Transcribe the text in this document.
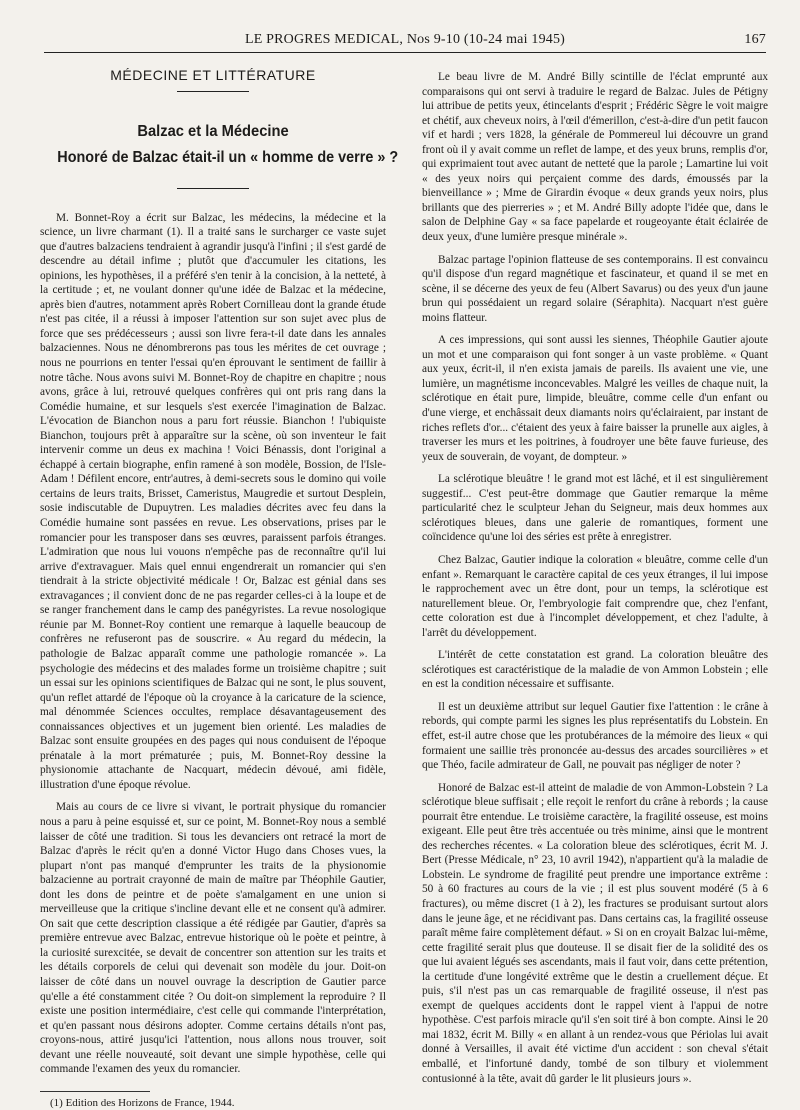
LE PROGRES MEDICAL, Nos 9-10 (10-24 mai 1945)	167
MÉDECINE ET LITTÉRATURE
Balzac et la Médecine
Honoré de Balzac était-il un « homme de verre » ?

M. Bonnet-Roy a écrit sur Balzac, les médecins, la médecine et la science, un livre charmant (1). Il a traité sans le surcharger ce vaste sujet que d'autres balzaciens tendraient à agrandir jusqu'à l'infini ; il s'est gardé de descendre au détail infime ; plutôt que d'accumuler les citations, les opinions, les hypothèses, il a préféré s'en tenir à la concision, à la netteté, à la certitude ; et, ne voulant donner qu'une idée de Balzac et la médecine, après bien d'autres, notamment après Robert Cornilleau dont la grande étude n'est pas citée, il a réussi à imposer l'attention sur son sujet avec plus de force que ses prédécesseurs ; aussi son livre fera-t-il date dans les annales balzaciennes. Nous ne dénombrerons pas tous les mérites de cet ouvrage ; nous ne pourrions en tenter l'essai qu'en éprouvant le sentiment de faillir à notre tâche. Nous avons suivi M. Bonnet-Roy de chapitre en chapitre ; nous avons, grâce à lui, retrouvé quelques confrères qui ont pris rang dans la Comédie humaine, et sur lesquels s'est exercée l'imagination de Balzac. L'évocation de Bianchon nous a paru fort réussie. Bianchon ! l'ubiquiste Bianchon, toujours prêt à apparaître sur la scène, où son inventeur le fait intervenir comme un deus ex machina ! Voici Bénassis, dont l'original a échappé à certain biographe, enfin ramené à son modèle, Bossion, de l'Isle-Adam ! Défilent encore, entr'autres, à demi-secrets sous le domino qui voile certains de leurs traits, Brisset, Cameristus, Maugredie et surtout Desplein, sosie indiscutable de Dupuytren. Les maladies décrites avec feu dans la Comédie humaine sont passées en revue. Les observations, prises par le romancier pour les transposer dans ses œuvres, paraissent parfois étranges. L'admiration que nous lui vouons n'empêche pas de reconnaître qu'il lui arrive d'extravaguer. Mais quel ennui engendrerait un romancier qui s'en tiendrait à la stricte objectivité médicale ! Or, Balzac est génial dans ses extravagances ; il convient donc de ne pas regarder celles-ci à la loupe et de se ranger franchement dans le camp des panégyristes. La revue nosologique réunie par M. Bonnet-Roy contient une remarque à laquelle beaucoup de confrères ne refuseront pas de souscrire. « Au regard du médecin, la pathologie de Balzac apparaît comme une pathologie romancée ». La psychologie des médecins et des malades forme un troisième chapitre ; suit un essai sur les opinions scientifiques de Balzac qui ne sont, le plus souvent, qu'un reflet attardé de l'époque où la croyance à la caricature de la science, mal dénommée Sciences occultes, remplace désavantageusement des connaissances objectives et un jugement bien orienté. Les maladies de Balzac sont ensuite groupées en des pages qui nous conduisent de l'époque prénatale à la mort prématurée ; puis, M. Bonnet-Roy dessine la physionomie attachante de Nacquart, médecin dévoué, ami fidèle, illustration d'une époque révolue.

Mais au cours de ce livre si vivant, le portrait physique du romancier nous a paru à peine esquissé et, sur ce point, M. Bonnet-Roy nous a semblé laisser de côté une tradition. Si tous les devanciers ont retracé la mort de Balzac d'après le récit qu'en a donné Victor Hugo dans Choses vues, la plupart n'ont pas manqué d'emprunter les traits de la physionomie balzacienne au portrait crayonné de main de maître par Théophile Gautier, dont les dons de peintre et de poète s'amalgament en une union si merveilleuse que la critique s'incline devant elle et ne consent qu'à admirer. On sait que cette description classique a été rédigée par Gautier, d'après sa première entrevue avec Balzac, entrevue historique où le poète et peintre, à la curiosité surexcitée, se devait de concentrer son attention sur les traits et les détails corporels de celui qui devenait son modèle du jour. Doit-on laisser de côté dans un nouvel ouvrage la description de Gautier parce qu'elle a été constamment citée ? Ou doit-on simplement la reproduire ? Il existe une position intermédiaire, c'est celle qui commande l'interprétation, et qu'en passant nous désirons adopter. Comme certains détails n'ont pas, croyons-nous, attiré jusqu'ici l'attention, nous allons nous trouver, soit devant une réelle nouveauté, soit devant une simple hypothèse, celle qui commande l'examen des yeux du romancier.

(1) Edition des Horizons de France, 1944.

Le beau livre de M. André Billy scintille de l'éclat emprunté aux comparaisons qui ont servi à traduire le regard de Balzac. Jules de Pétigny lui attribue de petits yeux, étincelants d'esprit ; Frédéric Sègre le voit maigre et chétif, aux cheveux noirs, à l'œil d'émerillon, c'est-à-dire d'un petit faucon vif et hardi ; vers 1828, la générale de Pommereul lui découvre un grand front où il y avait comme un reflet de lampe, et des yeux bruns, remplis d'or, qui exprimaient tout avec autant de netteté que la parole ; Lamartine lui voit « des yeux noirs qui perçaient comme des dards, émoussés par la bienveillance » ; Mme de Girardin évoque « deux grands yeux noirs, plus brillants que des pierreries » ; et M. André Billy adopte l'idée que, dans le salon de Delphine Gay « sa face papelarde et rougeoyante était éclairée de deux yeux, d'une lumière presque minérale ».

Balzac partage l'opinion flatteuse de ses contemporains. Il est convaincu qu'il dispose d'un regard magnétique et fascinateur, et quand il se met en scène, il se décerne des yeux de feu (Albert Savarus) ou des yeux d'un jaune brun qui possédaient un regard solaire (Séraphita). Nacquart n'est guère moins flatteur.

A ces impressions, qui sont aussi les siennes, Théophile Gautier ajoute un mot et une comparaison qui font songer à un vaste problème. « Quant aux yeux, écrit-il, il n'en exista jamais de pareils. Ils avaient une vie, une lumière, un magnétisme inconcevables. Malgré les veilles de chaque nuit, la sclérotique en était pure, limpide, bleuâtre, comme celle d'un enfant ou d'une vierge, et enchâssait deux diamants noirs qu'éclairaient, par instant de riches reflets d'or... c'étaient des yeux à faire baisser la prunelle aux aigles, à traverser les murs et les poitrines, à foudroyer une bête fauve furieuse, des yeux de souverain, de voyant, de dompteur. »

La sclérotique bleuâtre ! le grand mot est lâché, et il est singulièrement suggestif... C'est peut-être dommage que Gautier remarque la même particularité chez le sculpteur Jehan du Seigneur, mais deux hommes aux sclérotiques bleues, dans une galerie de romantiques, forment une coïncidence qu'une loi des séries est prête à enregistrer.

Chez Balzac, Gautier indique la coloration « bleuâtre, comme celle d'un enfant ». Remarquant le caractère capital de ces yeux étranges, il lui impose le rapprochement avec un être dont, pour un temps, la sclérotique est naturellement bleue. Or, l'embryologie fait comprendre que, chez l'enfant, cette coloration est due à l'incomplet développement, et chez l'adulte, à l'arrêt du développement.

L'intérêt de cette constatation est grand. La coloration bleuâtre des sclérotiques est caractéristique de la maladie de von Ammon Lobstein ; elle en est la condition nécessaire et suffisante.

Il est un deuxième attribut sur lequel Gautier fixe l'attention : le crâne à rebords, qui compte parmi les signes les plus représentatifs du Lobstein. En effet, est-il autre chose que les protubérances de la mémoire des lieux « qui formaient une saillie très prononcée au-dessus des arcades sourcilières » et que Théo, facile admirateur de Gall, ne pouvait pas négliger de noter ?

Honoré de Balzac est-il atteint de maladie de von Ammon-Lobstein ? La sclérotique bleue suffisait ; elle reçoit le renfort du crâne à rebords ; la cause pourrait être entendue. Le troisième caractère, la fragilité osseuse, est moins exigeant. Elle peut être très accentuée ou très minime, ainsi que le montrent des recherches récentes. « La coloration bleue des sclérotiques, écrit M. J. Bert (Presse Médicale, n° 23, 10 avril 1942), n'appartient qu'à la maladie de Lobstein. Le syndrome de fragilité peut prendre une importance extrême : 50 à 60 fractures au cours de la vie ; il est plus souvent modéré (5 à 6 fractures), ou même discret (1 à 2), les fractures se produisant surtout alors dans le jeune âge, et ne récidivant pas. Dans certains cas, la fragilité osseuse paraît même faire complètement défaut. » Si on en croyait Balzac lui-même, cette fragilité serait plus que douteuse. Il se disait fier de la solidité des os que lui avaient légués ses ascendants, mais il faut voir, dans cette prétention, la certitude d'une longévité extrême que le destin a cruellement déçue. Et puis, s'il n'est pas un cas remarquable de fragilité osseuse, il n'est pas exempt de quelques accidents dont le rappel vient à l'appui de notre hypothèse. C'est parfois miracle qu'il s'en soit tiré à bon compte. Ainsi le 20 mai 1832, écrit M. Billy « en allant à un rendez-vous que Périolas lui avait donné à Versailles, il avait été victime d'un accident : son cheval s'était emballé, et l'infortuné dandy, tombé de son tilbury et violemment contusionné à la tête, avait dû garder le lit plusieurs jours ».
